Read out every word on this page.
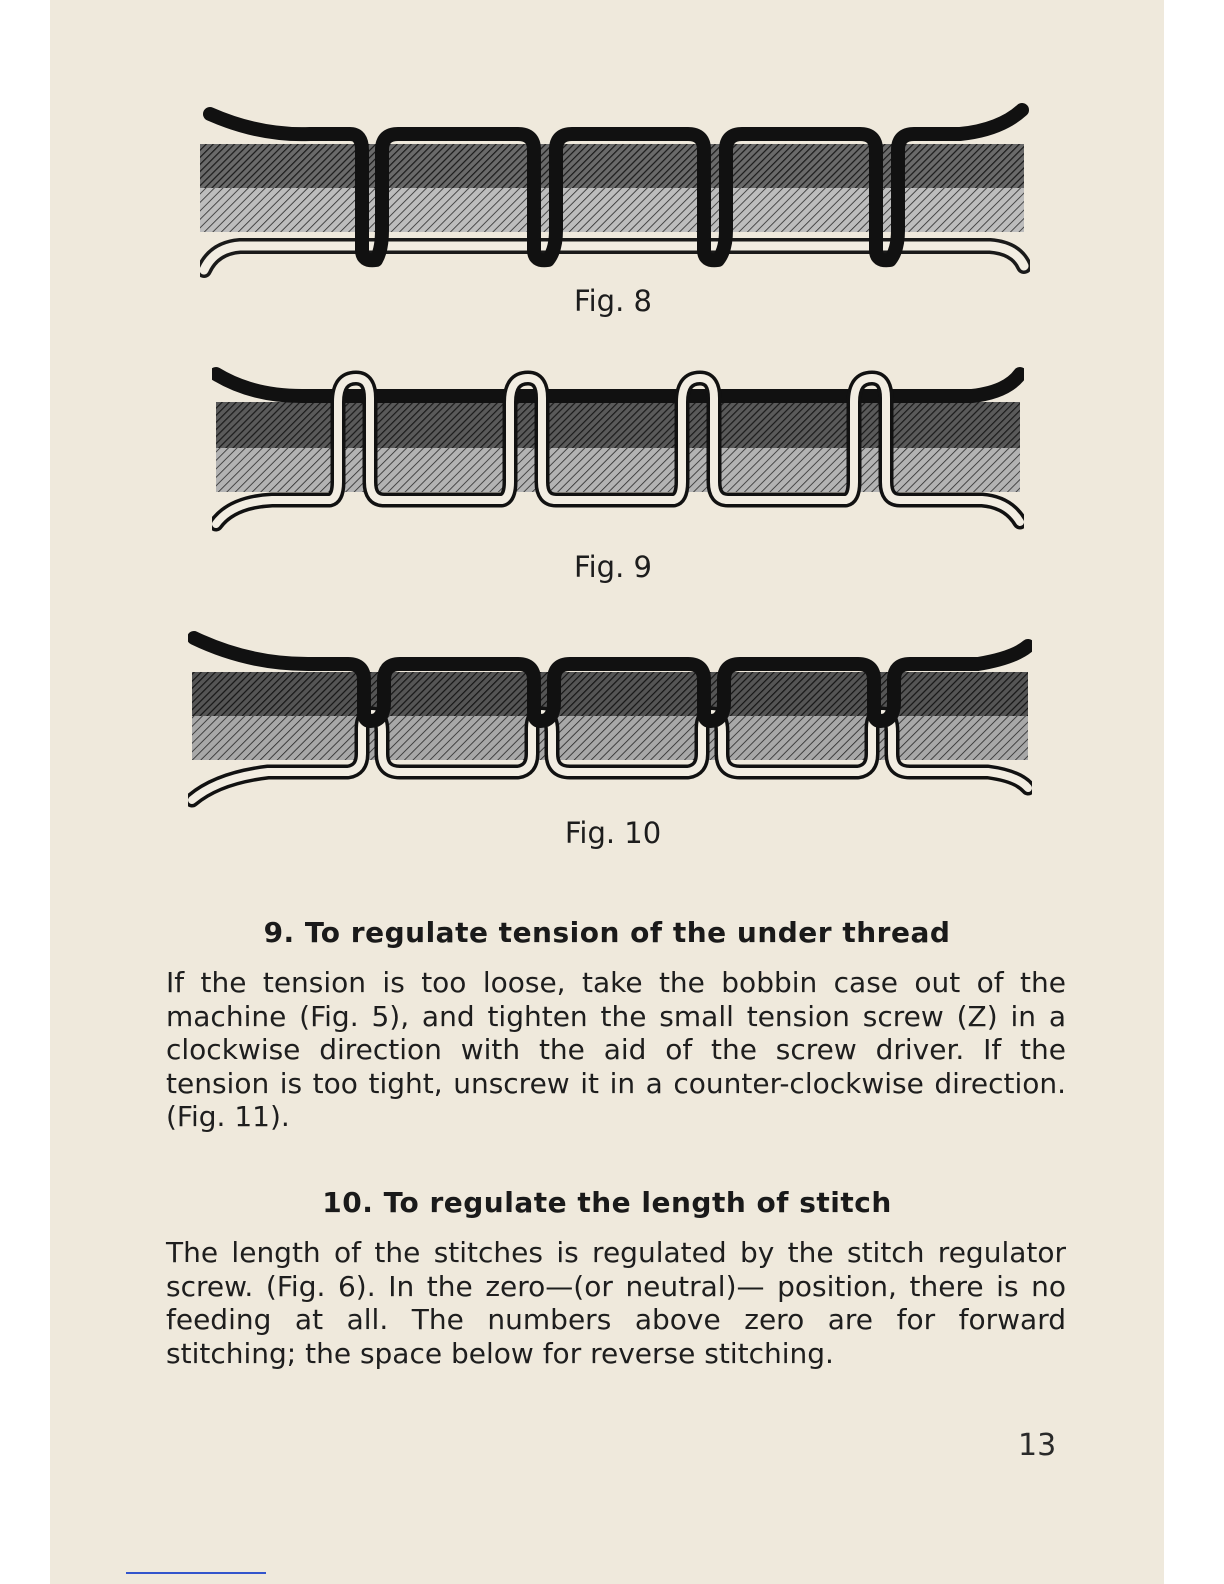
Fig. 8
Fig. 9
Fig. 10
9. To regulate tension of the under thread

If the tension is too loose, take the bobbin case out of the machine (Fig. 5), and tighten the small tension screw (Z) in a clockwise direction with the aid of the screw driver. If the tension is too tight, unscrew it in a counter-clockwise direction. (Fig. 11).

10. To regulate the length of stitch

The length of the stitches is regulated by the stitch regulator screw. (Fig. 6). In the zero—(or neutral)— position, there is no feeding at all. The numbers above zero are for forward stitching; the space below for reverse stitching.

13
